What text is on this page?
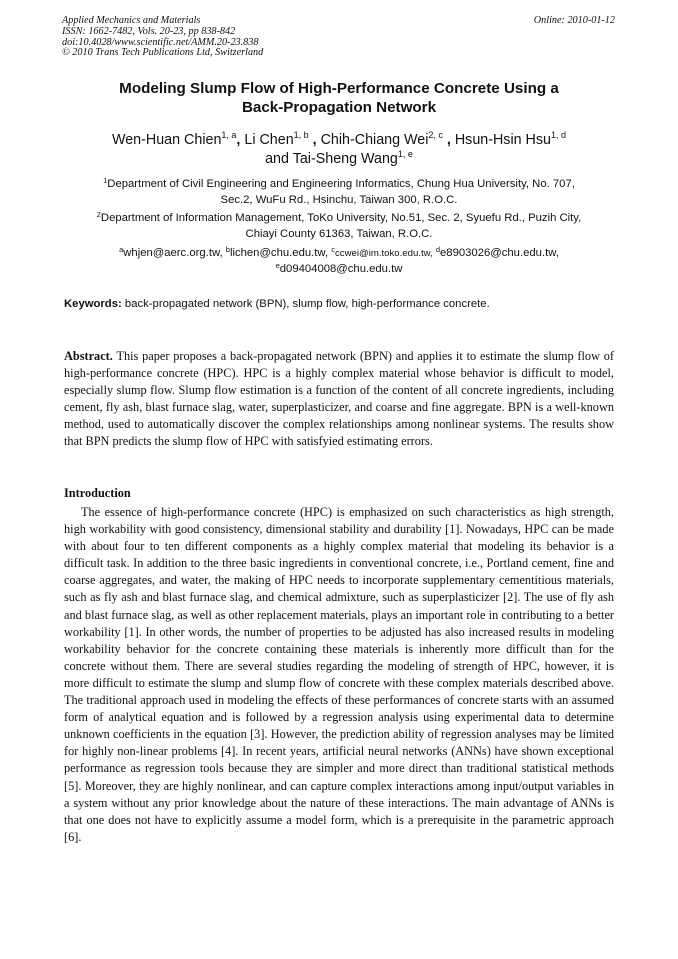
Applied Mechanics and Materials
ISSN: 1662-7482, Vols. 20-23, pp 838-842
doi:10.4028/www.scientific.net/AMM.20-23.838
© 2010 Trans Tech Publications Ltd, Switzerland
Online: 2010-01-12
Modeling Slump Flow of High-Performance Concrete Using a
Back-Propagation Network
Wen-Huan Chien$^{1, a}$, Li Chen$^{1, b}$ , Chih-Chiang Wei$^{2, c}$ , Hsun-Hsin Hsu$^{1, d}$
and Tai-Sheng Wang$^{1, e}$
$^1$Department of Civil Engineering and Engineering Informatics, Chung Hua University, No. 707,
Sec.2, WuFu Rd., Hsinchu, Taiwan 300, R.O.C.
$^2$Department of Information Management, ToKo University, No.51, Sec. 2, Syuefu Rd., Puzih City,
Chiayi County 61363, Taiwan, R.O.C.
$^a$whjen@aerc.org.tw, $^b$lichen@chu.edu.tw, $^c$ccwei@im.toko.edu.tw, $^d$e8903026@chu.edu.tw,
$^e$d09404008@chu.edu.tw
Keywords: back-propagated network (BPN), slump flow, high-performance concrete.
Abstract. This paper proposes a back-propagated network (BPN) and applies it to estimate the slump flow of high-performance concrete (HPC). HPC is a highly complex material whose behavior is difficult to model, especially slump flow. Slump flow estimation is a function of the content of all concrete ingredients, including cement, fly ash, blast furnace slag, water, superplasticizer, and coarse and fine aggregate. BPN is a well-known method, used to automatically discover the complex relationships among nonlinear systems. The results show that BPN predicts the slump flow of HPC with satisfyied estimating errors.
Introduction
The essence of high-performance concrete (HPC) is emphasized on such characteristics as high strength, high workability with good consistency, dimensional stability and durability [1]. Nowadays, HPC can be made with about four to ten different components as a highly complex material that modeling its behavior is a difficult task. In addition to the three basic ingredients in conventional concrete, i.e., Portland cement, fine and coarse aggregates, and water, the making of HPC needs to incorporate supplementary cementitious materials, such as fly ash and blast furnace slag, and chemical admixture, such as superplasticizer [2]. The use of fly ash and blast furnace slag, as well as other replacement materials, plays an important role in contributing to a better workability [1]. In other words, the number of properties to be adjusted has also increased results in modeling workability behavior for the concrete containing these materials is inherently more difficult than for the concrete without them. There are several studies regarding the modeling of strength of HPC, however, it is more difficult to estimate the slump and slump flow of concrete with these complex materials described above. The traditional approach used in modeling the effects of these performances of concrete starts with an assumed form of analytical equation and is followed by a regression analysis using experimental data to determine unknown coefficients in the equation [3]. However, the prediction ability of regression analyses may be limited for highly non-linear problems [4]. In recent years, artificial neural networks (ANNs) have shown exceptional performance as regression tools because they are simpler and more direct than traditional statistical methods [5]. Moreover, they are highly nonlinear, and can capture complex interactions among input/output variables in a system without any prior knowledge about the nature of these interactions. The main advantage of ANNs is that one does not have to explicitly assume a model form, which is a prerequisite in the parametric approach [6].
